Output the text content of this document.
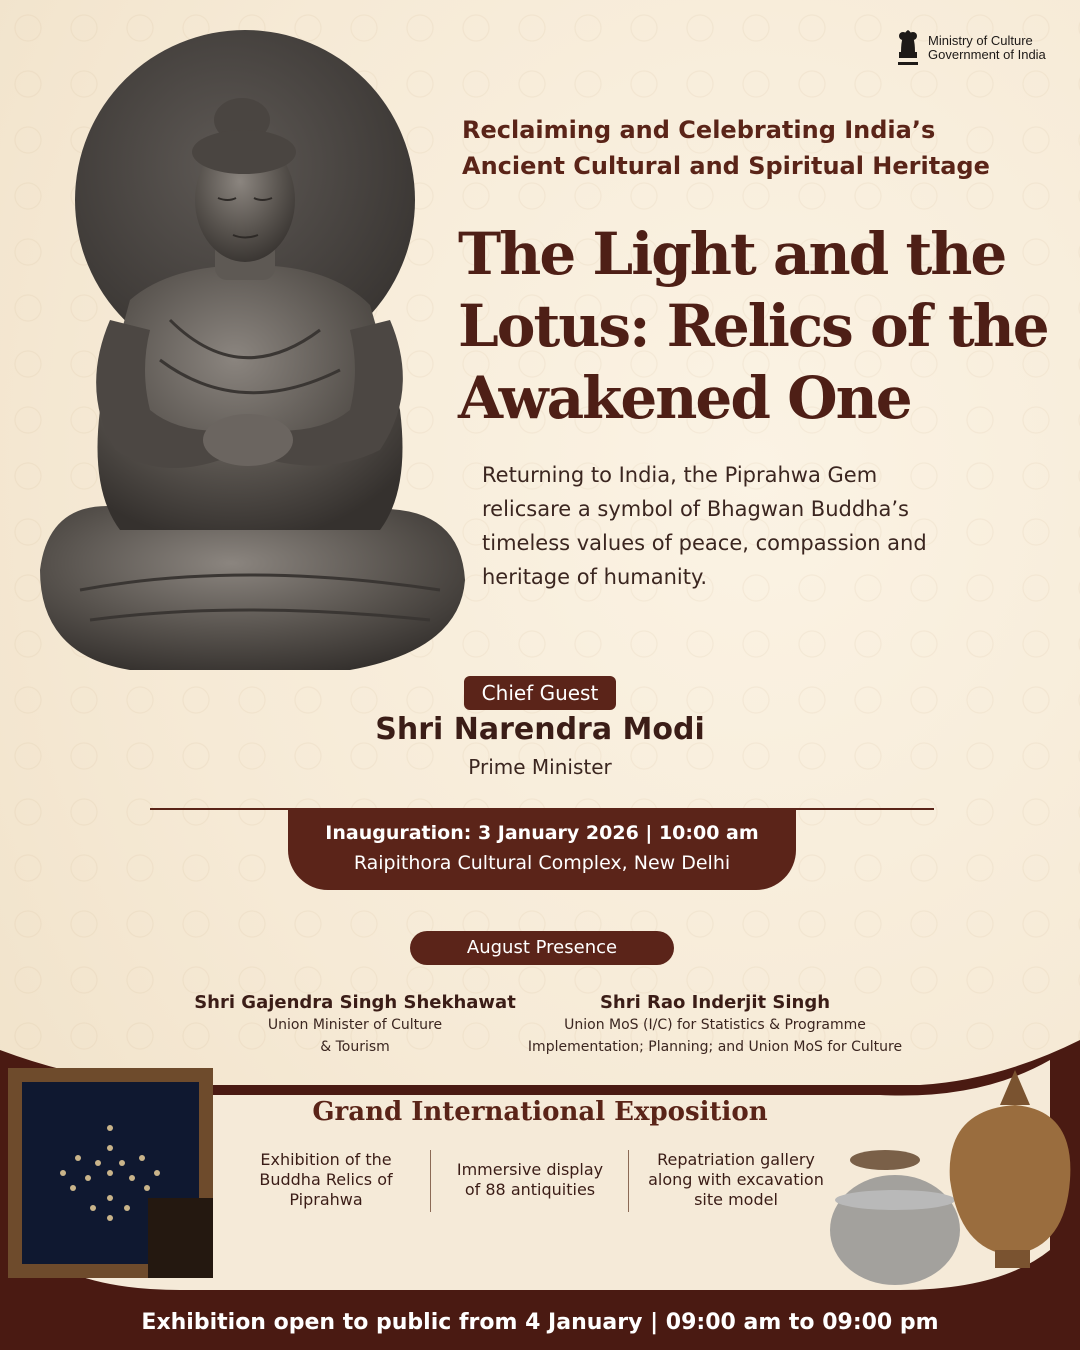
Ministry of Culture
Government of India
Reclaiming and Celebrating India’s
Ancient Cultural and Spiritual Heritage
The Light and the
Lotus: Relics of the
Awakened One
Returning to India, the Piprahwa Gem
relicsare a symbol of Bhagwan Buddha’s
timeless values of peace, compassion and
heritage of humanity.
Chief Guest
Shri Narendra Modi
Prime Minister
Inauguration: 3 January 2026 | 10:00 am
Raipithora Cultural Complex, New Delhi
August Presence
Shri Gajendra Singh Shekhawat
Union Minister of Culture
& Tourism
Shri Rao Inderjit Singh
Union MoS (I/C) for Statistics & Programme
Implementation; Planning; and Union MoS for Culture
Grand International Exposition
Exhibition of the
Buddha Relics of
Piprahwa
Immersive display
of 88 antiquities
Repatriation gallery
along with excavation
site model
Exhibition open to public from 4 January | 09:00 am to 09:00 pm
